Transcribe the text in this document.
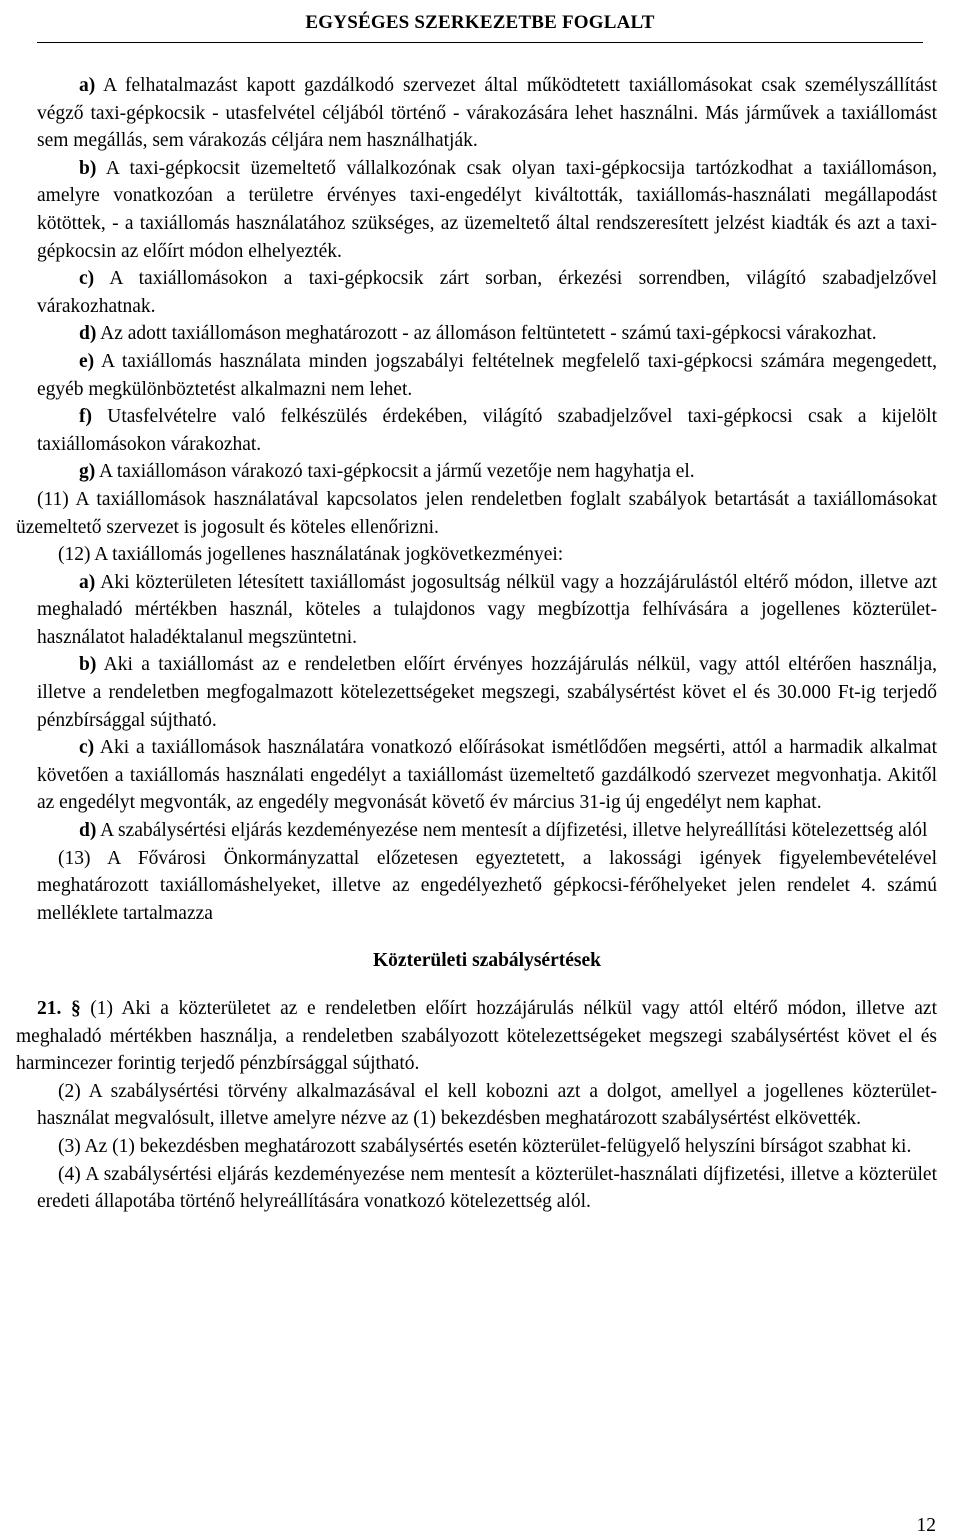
EGYSÉGES SZERKEZETBE FOGLALT

a) A felhatalmazást kapott gazdálkodó szervezet által működtetett taxiállomásokat csak személyszállítást végző taxi-gépkocsik - utasfelvétel céljából történő - várakozására lehet használni. Más járművek a taxiállomást sem megállás, sem várakozás céljára nem használhatják.

b) A taxi-gépkocsit üzemeltető vállalkozónak csak olyan taxi-gépkocsija tartózkodhat a taxiállomáson, amelyre vonatkozóan a területre érvényes taxi-engedélyt kiváltották, taxiállomás-használati megállapodást kötöttek, - a taxiállomás használatához szükséges, az üzemeltető által rendszeresített jelzést kiadták és azt a taxi-gépkocsin az előírt módon elhelyezték.

c) A taxiállomásokon a taxi-gépkocsik zárt sorban, érkezési sorrendben, világító szabadjelzővel várakozhatnak.

d) Az adott taxiállomáson meghatározott - az állomáson feltüntetett - számú taxi-gépkocsi várakozhat.

e) A taxiállomás használata minden jogszabályi feltételnek megfelelő taxi-gépkocsi számára megengedett, egyéb megkülönböztetést alkalmazni nem lehet.

f) Utasfelvételre való felkészülés érdekében, világító szabadjelzővel taxi-gépkocsi csak a kijelölt taxiállomásokon várakozhat.

g) A taxiállomáson várakozó taxi-gépkocsit a jármű vezetője nem hagyhatja el.

(11) A taxiállomások használatával kapcsolatos jelen rendeletben foglalt szabályok betartását a taxiállomásokat üzemeltető szervezet is jogosult és köteles ellenőrizni.

(12) A taxiállomás jogellenes használatának jogkövetkezményei:

a) Aki közterületen létesített taxiállomást jogosultság nélkül vagy a hozzájárulástól eltérő módon, illetve azt meghaladó mértékben használ, köteles a tulajdonos vagy megbízottja felhívására a jogellenes közterület-használatot haladéktalanul megszüntetni.

b) Aki a taxiállomást az e rendeletben előírt érvényes hozzájárulás nélkül, vagy attól eltérően használja, illetve a rendeletben megfogalmazott kötelezettségeket megszegi, szabálysértést követ el és 30.000 Ft-ig terjedő pénzbírsággal sújtható.

c) Aki a taxiállomások használatára vonatkozó előírásokat ismétlődően megsérti, attól a harmadik alkalmat követően a taxiállomás használati engedélyt a taxiállomást üzemeltető gazdálkodó szervezet megvonhatja. Akitől az engedélyt megvonták, az engedély megvonását követő év március 31-ig új engedélyt nem kaphat.

d) A szabálysértési eljárás kezdeményezése nem mentesít a díjfizetési, illetve helyreállítási kötelezettség alól

(13) A Fővárosi Önkormányzattal előzetesen egyeztetett, a lakossági igények figyelembevételével meghatározott taxiállomáshelyeket, illetve az engedélyezhető gépkocsi-férőhelyeket jelen rendelet 4. számú melléklete tartalmazza

Közterületi szabálysértések

21. § (1) Aki a közterületet az e rendeletben előírt hozzájárulás nélkül vagy attól eltérő módon, illetve azt meghaladó mértékben használja, a rendeletben szabályozott kötelezettségeket megszegi szabálysértést követ el és harmincezer forintig terjedő pénzbírsággal sújtható.

(2) A szabálysértési törvény alkalmazásával el kell kobozni azt a dolgot, amellyel a jogellenes közterület-használat megvalósult, illetve amelyre nézve az (1) bekezdésben meghatározott szabálysértést elkövették.

(3) Az (1) bekezdésben meghatározott szabálysértés esetén közterület-felügyelő helyszíni bírságot szabhat ki.

(4) A szabálysértési eljárás kezdeményezése nem mentesít a közterület-használati díjfizetési, illetve a közterület eredeti állapotába történő helyreállítására vonatkozó kötelezettség alól.

12
